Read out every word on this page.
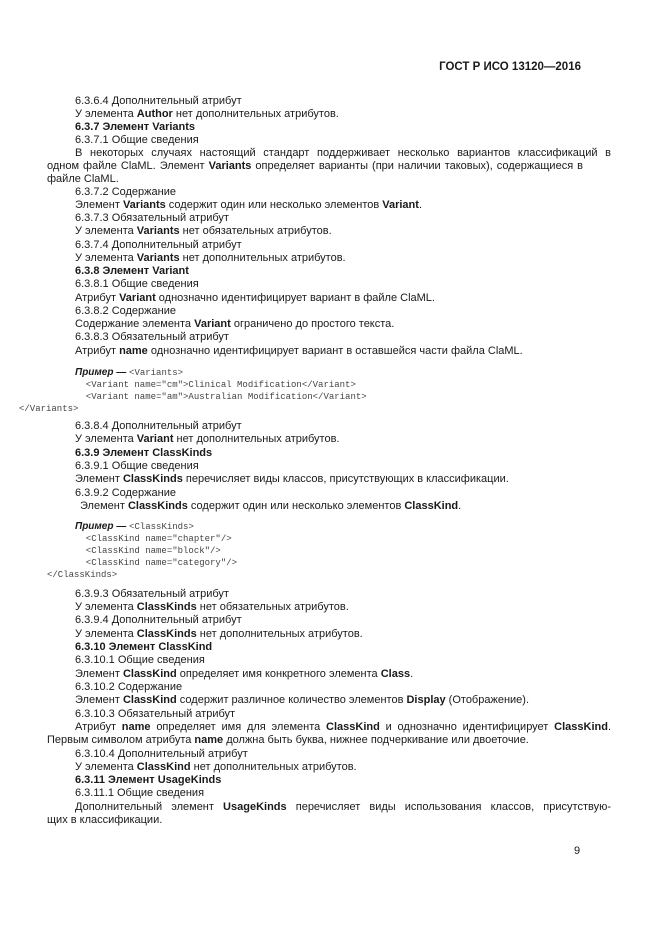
ГОСТ Р ИСО 13120—2016
6.3.6.4 Дополнительный атрибут
У элемента Author нет дополнительных атрибутов.
6.3.7 Элемент Variants
6.3.7.1 Общие сведения
В некоторых случаях настоящий стандарт поддерживает несколько вариантов классификаций в
одном файле ClaML. Элемент Variants определяет варианты (при наличии таковых), содержащиеся в
файле ClaML.
6.3.7.2 Содержание
Элемент Variants содержит один или несколько элементов Variant.
6.3.7.3 Обязательный атрибут
У элемента Variants нет обязательных атрибутов.
6.3.7.4 Дополнительный атрибут
У элемента Variants нет дополнительных атрибутов.
6.3.8 Элемент Variant
6.3.8.1 Общие сведения
Атрибут Variant однозначно идентифицирует вариант в файле ClaML.
6.3.8.2 Содержание
Содержание элемента Variant ограничено до простого текста.
6.3.8.3 Обязательный атрибут
Атрибут name однозначно идентифицирует вариант в оставшейся части файла ClaML.
6.3.8.4 Дополнительный атрибут
У элемента Variant нет дополнительных атрибутов.
6.3.9 Элемент ClassKinds
6.3.9.1 Общие сведения
Элемент ClassKinds перечисляет виды классов, присутствующих в классификации.
6.3.9.2 Содержание
Элемент ClassKinds содержит один или несколько элементов ClassKind.
6.3.9.3 Обязательный атрибут
У элемента ClassKinds нет обязательных атрибутов.
6.3.9.4 Дополнительный атрибут
У элемента ClassKinds нет дополнительных атрибутов.
6.3.10 Элемент ClassKind
6.3.10.1 Общие сведения
Элемент ClassKind определяет имя конкретного элемента Class.
6.3.10.2 Содержание
Элемент ClassKind содержит различное количество элементов Display (Отображение).
6.3.10.3 Обязательный атрибут
Атрибут name определяет имя для элемента ClassKind и однозначно идентифицирует ClassKind.
Первым символом атрибута name должна быть буква, нижнее подчеркивание или двоеточие.
6.3.10.4 Дополнительный атрибут
У элемента ClassKind нет дополнительных атрибутов.
6.3.11 Элемент UsageKinds
6.3.11.1 Общие сведения
Дополнительный элемент UsageKinds перечисляет виды использования классов, присутствую-
щих в классификации.
Пример — <Variants>
<Variant name="cm">Clinical Modification</Variant>
<Variant name="am">Australian Modification</Variant>
</Variants>
Пример — <ClassKinds>
<ClassKind name="chapter"/>
<ClassKind name="block"/>
<ClassKind name="category"/>
</ClassKinds>
9
